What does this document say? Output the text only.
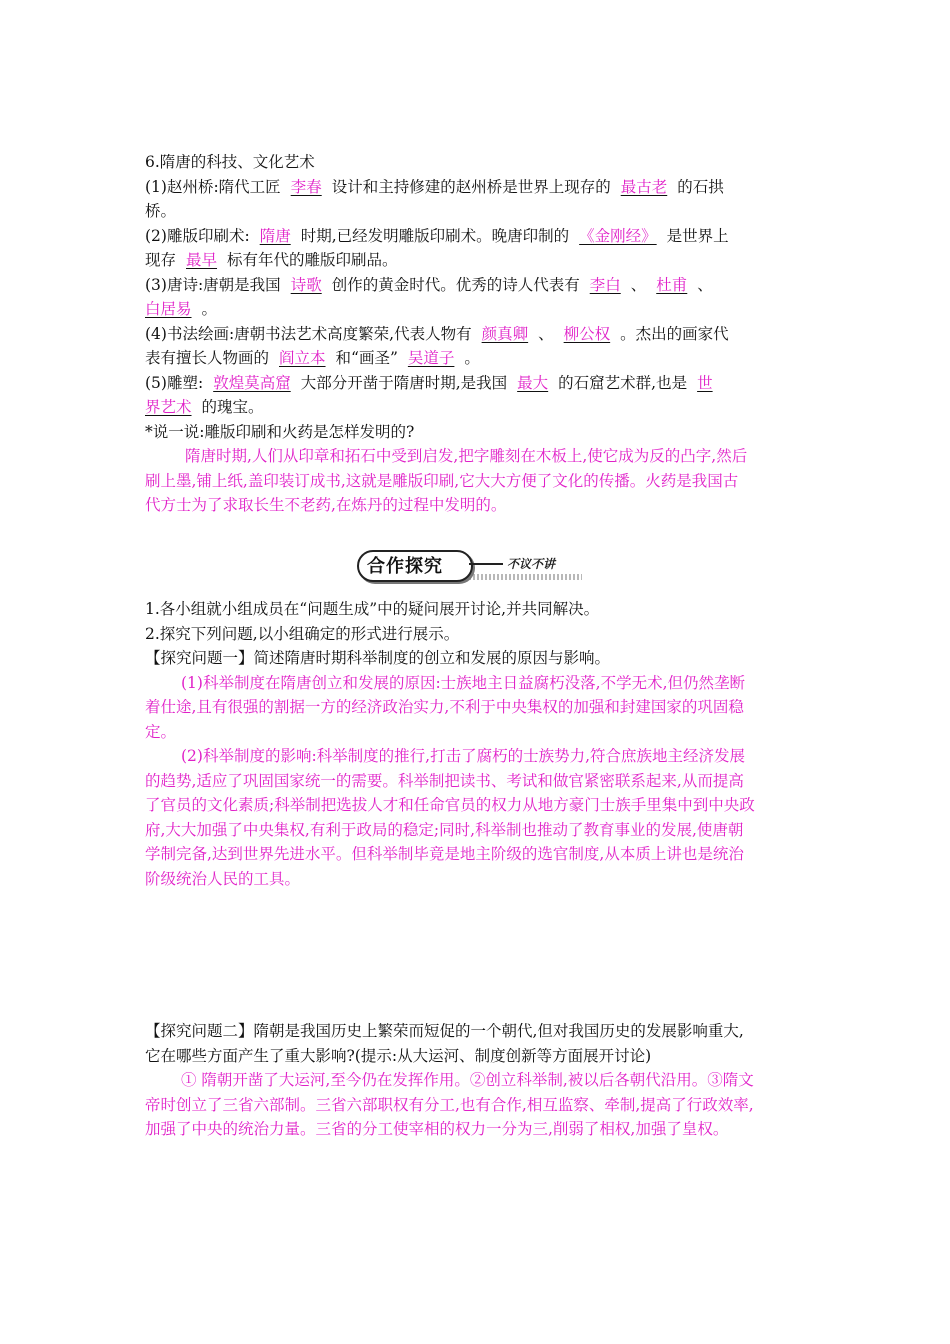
6.隋唐的科技、文化艺术
(1)赵州桥:隋代工匠 李春 设计和主持修建的赵州桥是世界上现存的 最古老 的石拱
桥。
(2)雕版印刷术: 隋唐 时期,已经发明雕版印刷术。晚唐印制的 《金刚经》 是世界上
现存 最早 标有年代的雕版印刷品。
(3)唐诗:唐朝是我国 诗歌 创作的黄金时代。优秀的诗人代表有 李白 、 杜甫 、
白居易 。
(4)书法绘画:唐朝书法艺术高度繁荣,代表人物有 颜真卿 、 柳公权 。杰出的画家代
表有擅长人物画的 阎立本 和“画圣” 吴道子 。
(5)雕塑: 敦煌莫高窟 大部分开凿于隋唐时期,是我国 最大 的石窟艺术群,也是 世
界艺术 的瑰宝。
*说一说:雕版印刷和火药是怎样发明的?
隋唐时期,人们从印章和拓石中受到启发,把字雕刻在木板上,使它成为反的凸字,然后
刷上墨,铺上纸,盖印装订成书,这就是雕版印刷,它大大方便了文化的传播。火药是我国古
代方士为了求取长生不老药,在炼丹的过程中发明的。
合作探究	不议不讲
1.各小组就小组成员在“问题生成”中的疑问展开讨论,并共同解决。
2.探究下列问题,以小组确定的形式进行展示。
【探究问题一】简述隋唐时期科举制度的创立和发展的原因与影响。
(1)科举制度在隋唐创立和发展的原因:士族地主日益腐朽没落,不学无术,但仍然垄断
着仕途,且有很强的割据一方的经济政治实力,不利于中央集权的加强和封建国家的巩固稳
定。
(2)科举制度的影响:科举制度的推行,打击了腐朽的士族势力,符合庶族地主经济发展
的趋势,适应了巩固国家统一的需要。科举制把读书、考试和做官紧密联系起来,从而提高
了官员的文化素质;科举制把选拔人才和任命官员的权力从地方豪门士族手里集中到中央政
府,大大加强了中央集权,有利于政局的稳定;同时,科举制也推动了教育事业的发展,使唐朝
学制完备,达到世界先进水平。但科举制毕竟是地主阶级的选官制度,从本质上讲也是统治
阶级统治人民的工具。
【探究问题二】隋朝是我国历史上繁荣而短促的一个朝代,但对我国历史的发展影响重大,
它在哪些方面产生了重大影响?(提示:从大运河、制度创新等方面展开讨论)
① 隋朝开凿了大运河,至今仍在发挥作用。②创立科举制,被以后各朝代沿用。③隋文
帝时创立了三省六部制。三省六部职权有分工,也有合作,相互监察、牵制,提高了行政效率,
加强了中央的统治力量。三省的分工使宰相的权力一分为三,削弱了相权,加强了皇权。
